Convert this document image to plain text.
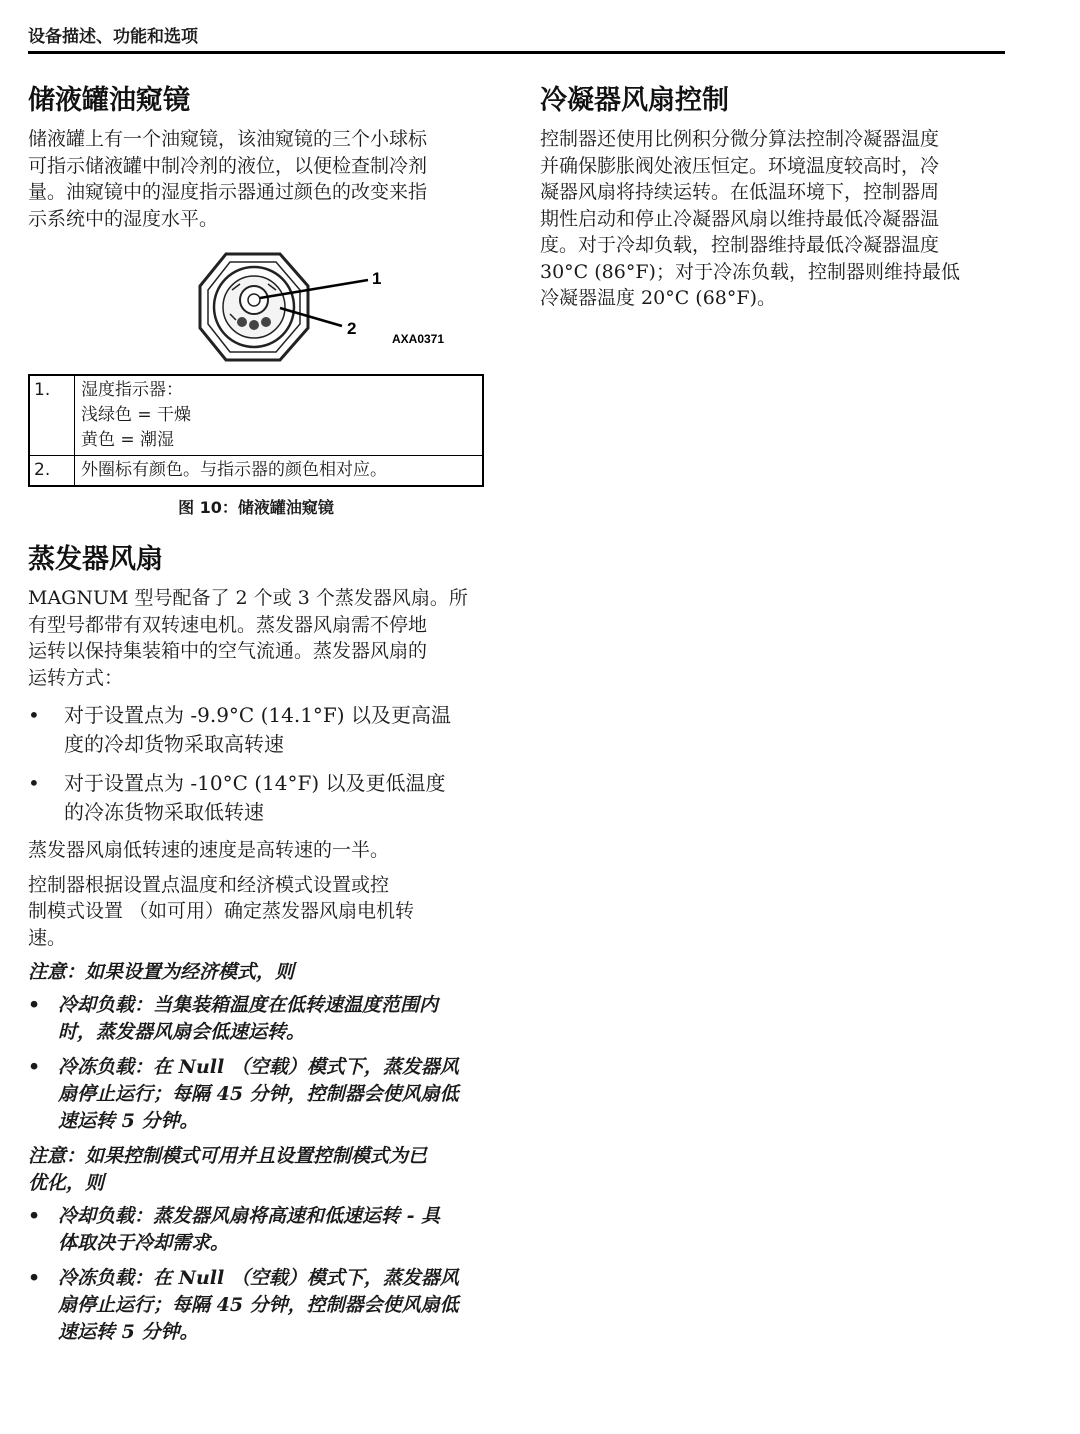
设备描述、功能和选项
储液罐油窥镜

储液罐上有一个油窥镜，该油窥镜的三个小球标
可指示储液罐中制冷剂的液位，以便检查制冷剂
量。油窥镜中的湿度指示器通过颜色的改变来指
示系统中的湿度水平。

1
2
AXA0371
1.	湿度指示器：
浅绿色 = 干燥
黄色 = 潮湿
2.	外圈标有颜色。与指示器的颜色相对应。
图 10：储液罐油窥镜
蒸发器风扇

MAGNUM 型号配备了 2 个或 3 个蒸发器风扇。所
有型号都带有双转速电机。蒸发器风扇需不停地
运转以保持集装箱中的空气流通。蒸发器风扇的
运转方式：

• 对于设置点为 -9.9°C (14.1°F) 以及更高温
度的冷却货物采取高转速
• 对于设置点为 -10°C (14°F) 以及更低温度
的冷冻货物采取低转速

蒸发器风扇低转速的速度是高转速的一半。

控制器根据设置点温度和经济模式设置或控
制模式设置 （如可用）确定蒸发器风扇电机转
速。

注意：如果设置为经济模式，则

• 冷却负载：当集装箱温度在低转速温度范围内
时，蒸发器风扇会低速运转。
• 冷冻负载：在 Null （空载）模式下，蒸发器风
扇停止运行；每隔 45 分钟，控制器会使风扇低
速运转 5 分钟。

注意：如果控制模式可用并且设置控制模式为已
优化，则

• 冷却负载：蒸发器风扇将高速和低速运转 - 具
体取决于冷却需求。
• 冷冻负载：在 Null （空载）模式下，蒸发器风
扇停止运行；每隔 45 分钟，控制器会使风扇低
速运转 5 分钟。
冷凝器风扇控制

控制器还使用比例积分微分算法控制冷凝器温度
并确保膨胀阀处液压恒定。环境温度较高时，冷
凝器风扇将持续运转。在低温环境下，控制器周
期性启动和停止冷凝器风扇以维持最低冷凝器温
度。对于冷却负载，控制器维持最低冷凝器温度
30°C (86°F)；对于冷冻负载，控制器则维持最低
冷凝器温度 20°C (68°F)。
